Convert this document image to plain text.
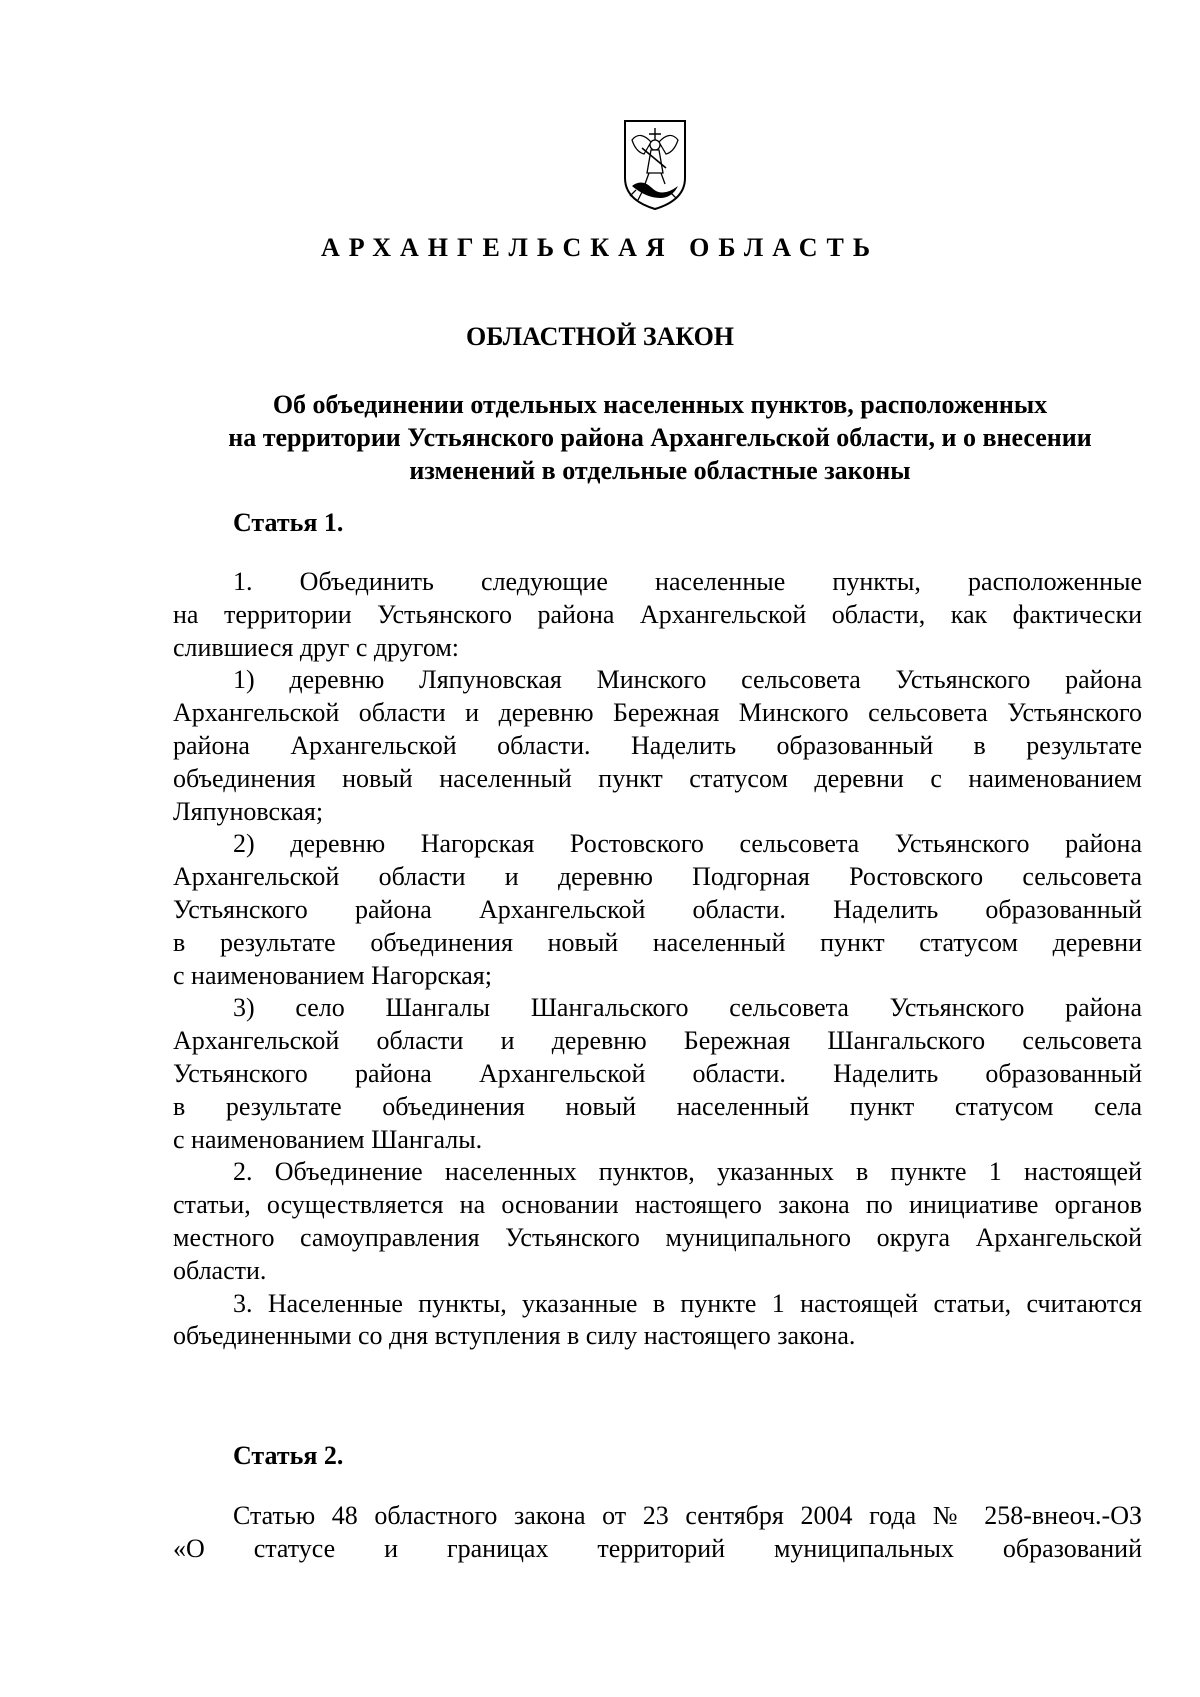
АРХАНГЕЛЬСКАЯ ОБЛАСТЬ
ОБЛАСТНОЙ ЗАКОН
Об объединении отдельных населенных пунктов, расположенных
на территории Устьянского района Архангельской области, и о внесении
изменений в отдельные областные законы
Статья 1.
1. Объединить следующие населенные пункты, расположенные
на территории Устьянского района Архангельской области, как фактически
слившиеся друг с другом:
1) деревню Ляпуновская Минского сельсовета Устьянского района
Архангельской области и деревню Бережная Минского сельсовета Устьянского
района Архангельской области. Наделить образованный в результате
объединения новый населенный пункт статусом деревни с наименованием
Ляпуновская;
2) деревню Нагорская Ростовского сельсовета Устьянского района
Архангельской области и деревню Подгорная Ростовского сельсовета
Устьянского района Архангельской области. Наделить образованный
в результате объединения новый населенный пункт статусом деревни
с наименованием Нагорская;
3) село Шангалы Шангальского сельсовета Устьянского района
Архангельской области и деревню Бережная Шангальского сельсовета
Устьянского района Архангельской области. Наделить образованный
в результате объединения новый населенный пункт статусом села
с наименованием Шангалы.
2. Объединение населенных пунктов, указанных в пункте 1 настоящей
статьи, осуществляется на основании настоящего закона по инициативе органов
местного самоуправления Устьянского муниципального округа Архангельской
области.
3. Населенные пункты, указанные в пункте 1 настоящей статьи, считаются
объединенными со дня вступления в силу настоящего закона.
Статья 2.
Статью 48 областного закона от 23 сентября 2004 года № 258-внеоч.-ОЗ
«О статусе и границах территорий муниципальных образований
